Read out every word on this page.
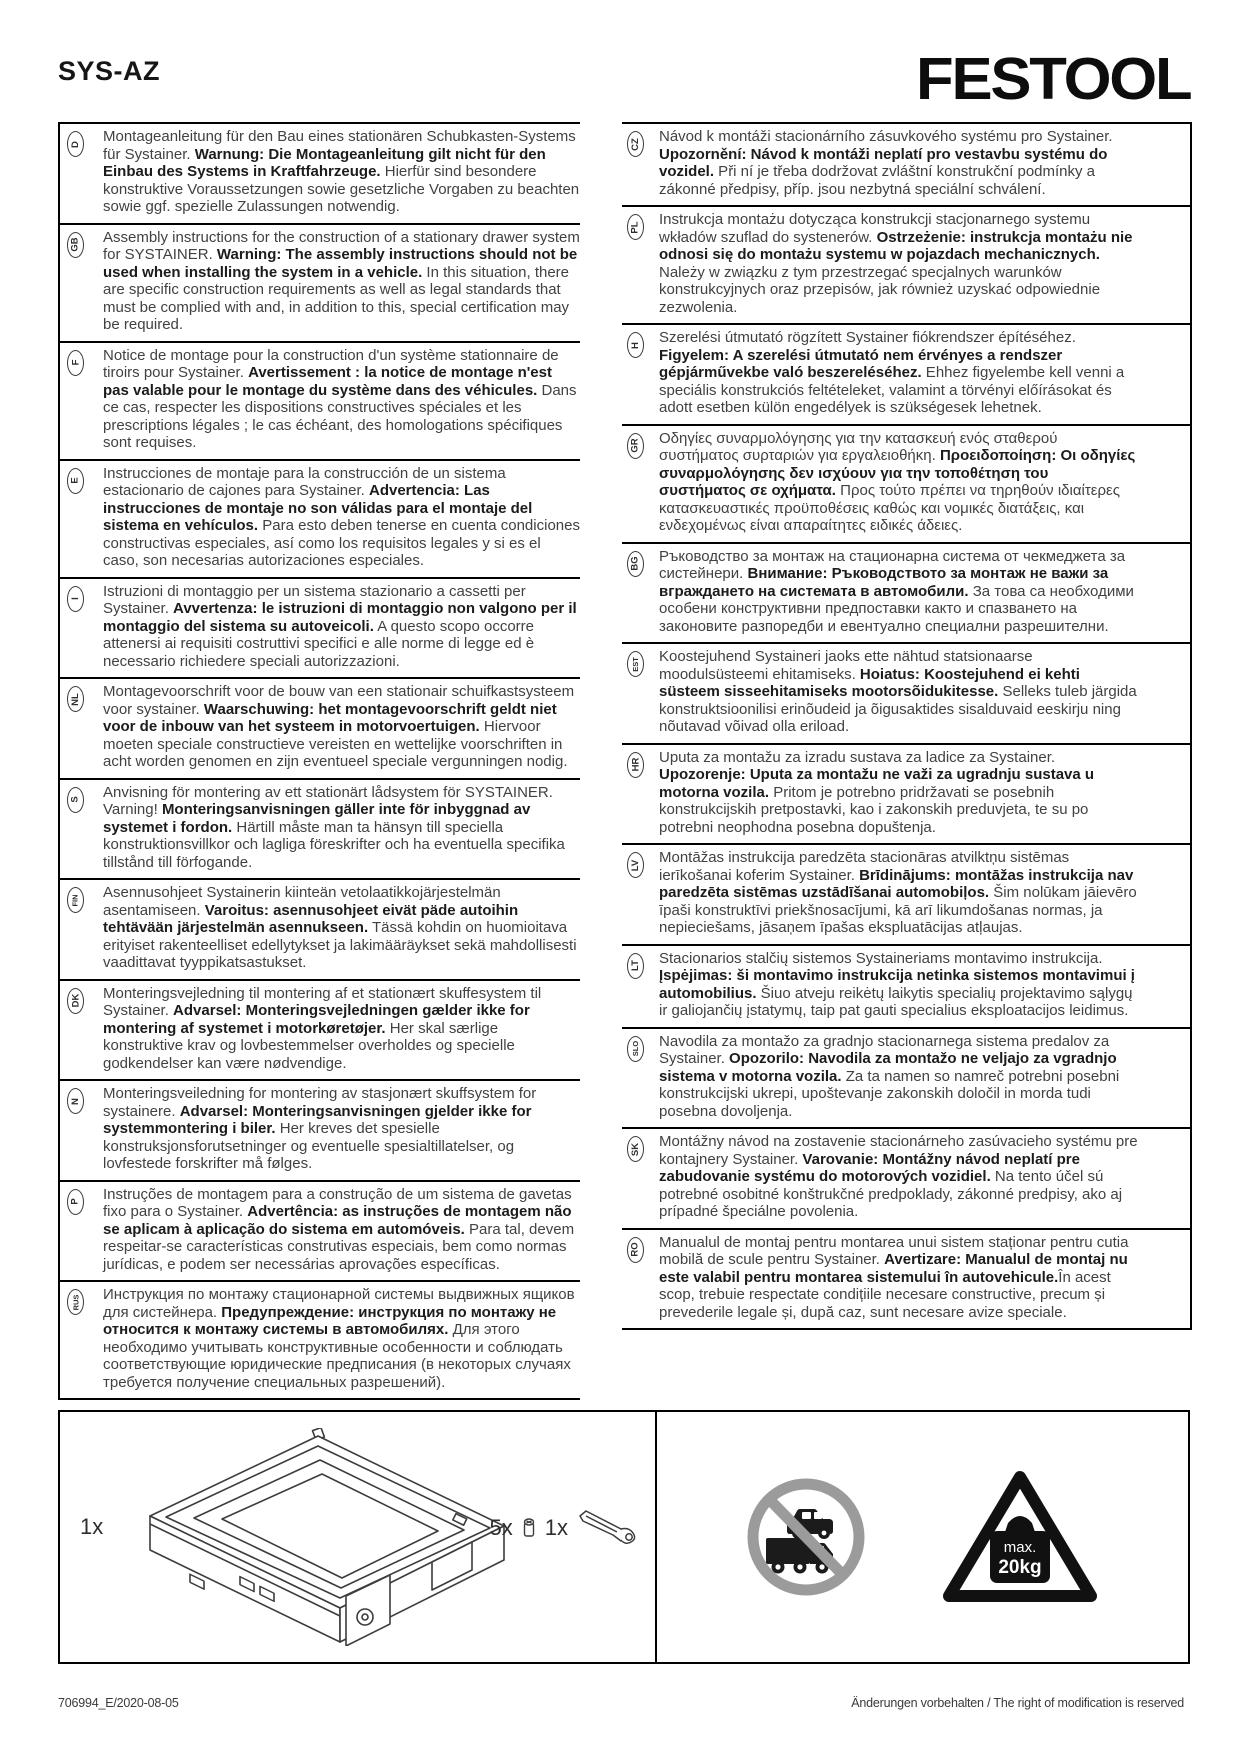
SYS-AZ	FESTOOL
D Montageanleitung für den Bau eines stationären Schubkasten-Systems für Systainer. Warnung: Die Montageanleitung gilt nicht für den Einbau des Systems in Kraftfahrzeuge. Hierfür sind besondere konstruktive Voraussetzungen sowie gesetzliche Vorgaben zu beachten sowie ggf. spezielle Zulassungen notwendig.

GB Assembly instructions for the construction of a stationary drawer system for SYSTAINER. Warning: The assembly instructions should not be used when installing the system in a vehicle. In this situation, there are specific construction requirements as well as legal standards that must be complied with and, in addition to this, special certification may be required.

F Notice de montage pour la construction d'un système stationnaire de tiroirs pour Systainer. Avertissement : la notice de montage n'est pas valable pour le montage du système dans des véhicules. Dans ce cas, respecter les dispositions constructives spéciales et les prescriptions légales ; le cas échéant, des homologations spécifiques sont requises.

E Instrucciones de montaje para la construcción de un sistema estacionario de cajones para Systainer. Advertencia: Las instrucciones de montaje no son válidas para el montaje del sistema en vehículos. Para esto deben tenerse en cuenta condiciones constructivas especiales, así como los requisitos legales y si es el caso, son necesarias autorizaciones especiales.

I Istruzioni di montaggio per un sistema stazionario a cassetti per Systainer. Avvertenza: le istruzioni di montaggio non valgono per il montaggio del sistema su autoveicoli. A questo scopo occorre attenersi ai requisiti costruttivi specifici e alle norme di legge ed è necessario richiedere speciali autorizzazioni.

NL Montagevoorschrift voor de bouw van een stationair schuifkastsysteem voor systainer. Waarschuwing: het montagevoorschrift geldt niet voor de inbouw van het systeem in motorvoertuigen. Hiervoor moeten speciale constructieve vereisten en wettelijke voorschriften in acht worden genomen en zijn eventueel speciale vergunningen nodig.

S Anvisning för montering av ett stationärt lådsystem för SYSTAINER. Varning! Monteringsanvisningen gäller inte för inbyggnad av systemet i fordon. Härtill måste man ta hänsyn till speciella konstruktionsvillkor och lagliga föreskrifter och ha eventuella specifika tillstånd till förfogande.

FIN Asennusohjeet Systainerin kiinteän vetolaatikkojärjestelmän asentamiseen. Varoitus: asennusohjeet eivät päde autoihin tehtävään järjestelmän asennukseen. Tässä kohdin on huomioitava erityiset rakenteelliset edellytykset ja lakimääräykset sekä mahdollisesti vaadittavat tyyppikatsastukset.

DK Monteringsvejledning til montering af et stationært skuffesystem til Systainer. Advarsel: Monteringsvejledningen gælder ikke for montering af systemet i motorkøretøjer. Her skal særlige konstruktive krav og lovbestemmelser overholdes og specielle godkendelser kan være nødvendige.

N Monteringsveiledning for montering av stasjonært skuffsystem for systainere. Advarsel: Monteringsanvisningen gjelder ikke for systemmontering i biler. Her kreves det spesielle konstruksjonsforutsetninger og eventuelle spesialtillatelser, og lovfestede forskrifter må følges.

P Instruções de montagem para a construção de um sistema de gavetas fixo para o Systainer. Advertência: as instruções de montagem não se aplicam à aplicação do sistema em automóveis. Para tal, devem respeitar-se características construtivas especiais, bem como normas jurídicas, e podem ser necessárias aprovações específicas.

RUS Инструкция по монтажу стационарной системы выдвижных ящиков для систейнера. Предупреждение: инструкция по монтажу не относится к монтажу системы в автомобилях. Для этого необходимо учитывать конструктивные особенности и соблюдать соответствующие юридические предписания (в некоторых случаях требуется получение специальных разрешений).

CZ Návod k montáži stacionárního zásuvkového systému pro Systainer. Upozornění: Návod k montáži neplatí pro vestavbu systému do vozidel. Při ní je třeba dodržovat zvláštní konstrukční podmínky a zákonné předpisy, příp. jsou nezbytná speciální schválení.

PL Instrukcja montażu dotycząca konstrukcji stacjonarnego systemu wkładów szuflad do systenerów. Ostrzeżenie: instrukcja montażu nie odnosi się do montażu systemu w pojazdach mechanicznych. Należy w związku z tym przestrzegać specjalnych warunków konstrukcyjnych oraz przepisów, jak również uzyskać odpowiednie zezwolenia.

H Szerelési útmutató rögzített Systainer fiókrendszer építéséhez. Figyelem: A szerelési útmutató nem érvényes a rendszer gépjárművekbe való beszereléséhez. Ehhez figyelembe kell venni a speciális konstrukciós feltételeket, valamint a törvényi előírásokat és adott esetben külön engedélyek is szükségesek lehetnek.

GR Οδηγίες συναρμολόγησης για την κατασκευή ενός σταθερού συστήματος συρταριών για εργαλειοθήκη. Προειδοποίηση: Οι οδηγίες συναρμολόγησης δεν ισχύουν για την τοποθέτηση του συστήματος σε οχήματα. Προς τούτο πρέπει να τηρηθούν ιδιαίτερες κατασκευαστικές προϋποθέσεις καθώς και νομικές διατάξεις, και ενδεχομένως είναι απαραίτητες ειδικές άδειες.

BG Ръководство за монтаж на стационарна система от чекмеджета за систейнери. Внимание: Ръководството за монтаж не важи за вграждането на системата в автомобили. За това са необходими особени конструктивни предпоставки както и спазването на законовите разпоредби и евентуално специални разрешителни.

EST Koostejuhend Systaineri jaoks ette nähtud statsionaarse moodulsüsteemi ehitamiseks. Hoiatus: Koostejuhend ei kehti süsteem sisseehitamiseks mootorsõidukitesse. Selleks tuleb järgida konstruktsioonilisi erinõudeid ja õigusaktides sisalduvaid eeskirju ning nõutavad võivad olla eriload.

HR Uputa za montažu za izradu sustava za ladice za Systainer. Upozorenje: Uputa za montažu ne važi za ugradnju sustava u motorna vozila. Pritom je potrebno pridržavati se posebnih konstrukcijskih pretpostavki, kao i zakonskih preduvjeta, te su po potrebni neophodna posebna dopuštenja.

LV Montāžas instrukcija paredzēta stacionāras atvilktņu sistēmas ierīkošanai koferim Systainer. Brīdinājums: montāžas instrukcija nav paredzēta sistēmas uzstādīšanai automobiļos. Šim nolūkam jāievēro īpaši konstruktīvi priekšnosacījumi, kā arī likumdošanas normas, ja nepieciešams, jāsaņem īpašas ekspluatācijas atļaujas.

LT Stacionarios stalčių sistemos Systaineriams montavimo instrukcija. Įspėjimas: ši montavimo instrukcija netinka sistemos montavimui į automobilius. Šiuo atveju reikėtų laikytis specialių projektavimo sąlygų ir galiojančių įstatymų, taip pat gauti specialius eksploatacijos leidimus.

SLO Navodila za montažo za gradnjo stacionarnega sistema predalov za Systainer. Opozorilo: Navodila za montažo ne veljajo za vgradnjo sistema v motorna vozila. Za ta namen so namreč potrebni posebni konstrukcijski ukrepi, upoštevanje zakonskih določil in morda tudi posebna dovoljenja.

SK Montážny návod na zostavenie stacionárneho zasúvacieho systému pre kontajnery Systainer. Varovanie: Montážny návod neplatí pre zabudovanie systému do motorových vozidiel. Na tento účel sú potrebné osobitné konštrukčné predpoklady, zákonné predpisy, ako aj prípadné špeciálne povolenia.

RO Manualul de montaj pentru montarea unui sistem staționar pentru cutia mobilă de scule pentru Systainer. Avertizare: Manualul de montaj nu este valabil pentru montarea sistemului în autovehicule.În acest scop, trebuie respectate condițiile necesare constructive, precum și prevederile legale și, după caz, sunt necesare avize speciale.

1x	5x 1x
max.
20kg
706994_E/2020-08-05	Änderungen vorbehalten / The right of modification is reserved
